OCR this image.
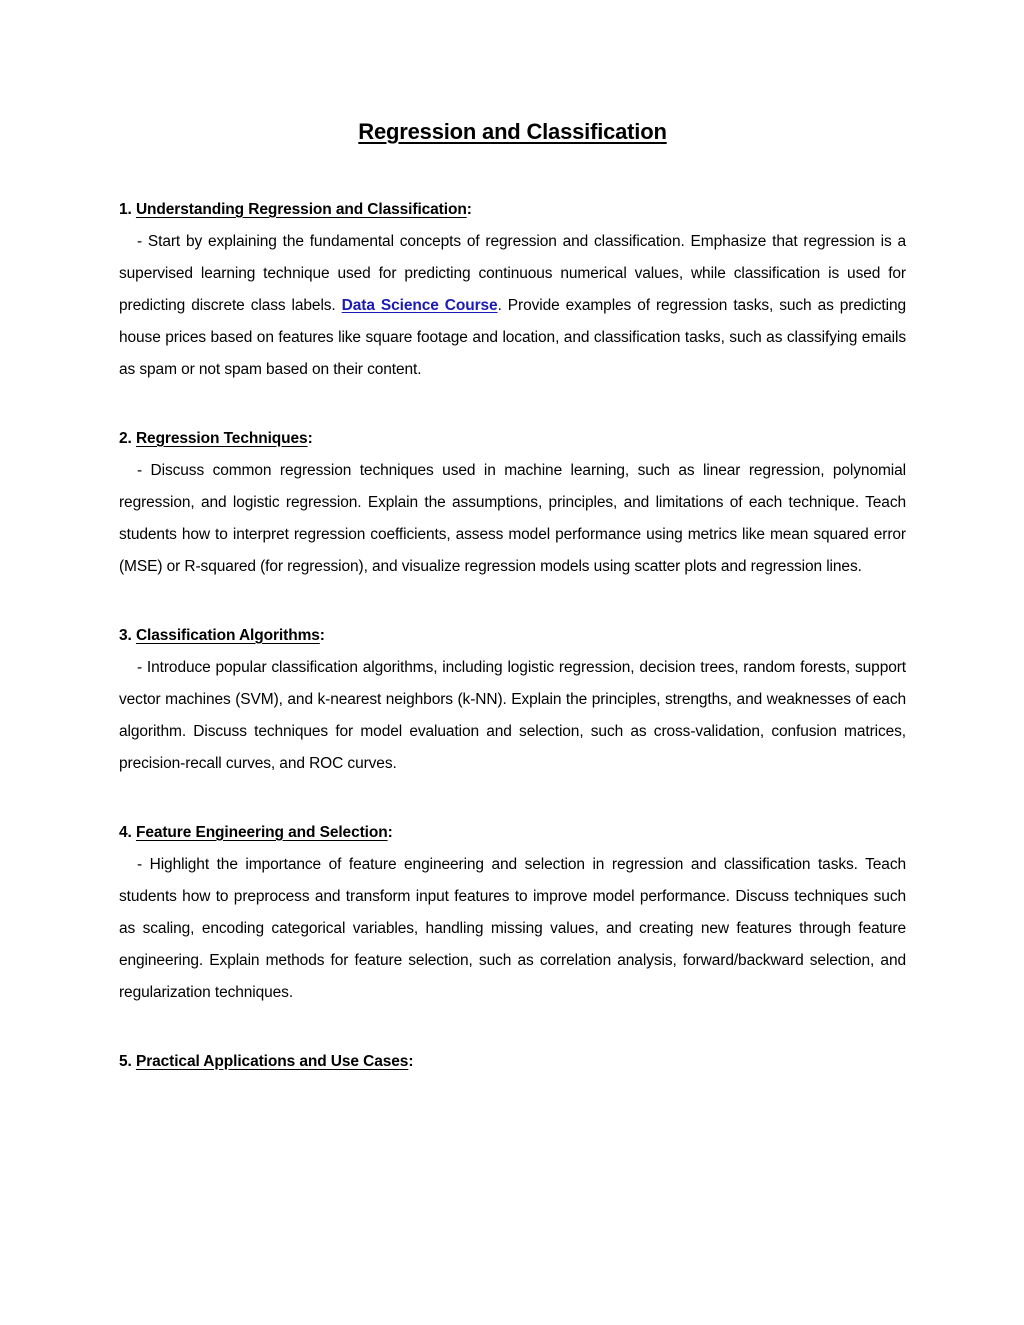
Regression and Classification
1. Understanding Regression and Classification:

- Start by explaining the fundamental concepts of regression and classification. Emphasize that regression is a supervised learning technique used for predicting continuous numerical values, while classification is used for predicting discrete class labels. Data Science Course. Provide examples of regression tasks, such as predicting house prices based on features like square footage and location, and classification tasks, such as classifying emails as spam or not spam based on their content.

2. Regression Techniques:

- Discuss common regression techniques used in machine learning, such as linear regression, polynomial regression, and logistic regression. Explain the assumptions, principles, and limitations of each technique. Teach students how to interpret regression coefficients, assess model performance using metrics like mean squared error (MSE) or R-squared (for regression), and visualize regression models using scatter plots and regression lines.

3. Classification Algorithms:

- Introduce popular classification algorithms, including logistic regression, decision trees, random forests, support vector machines (SVM), and k-nearest neighbors (k-NN). Explain the principles, strengths, and weaknesses of each algorithm. Discuss techniques for model evaluation and selection, such as cross-validation, confusion matrices, precision-recall curves, and ROC curves.

4. Feature Engineering and Selection:

- Highlight the importance of feature engineering and selection in regression and classification tasks. Teach students how to preprocess and transform input features to improve model performance. Discuss techniques such as scaling, encoding categorical variables, handling missing values, and creating new features through feature engineering. Explain methods for feature selection, such as correlation analysis, forward/backward selection, and regularization techniques.

5. Practical Applications and Use Cases:
